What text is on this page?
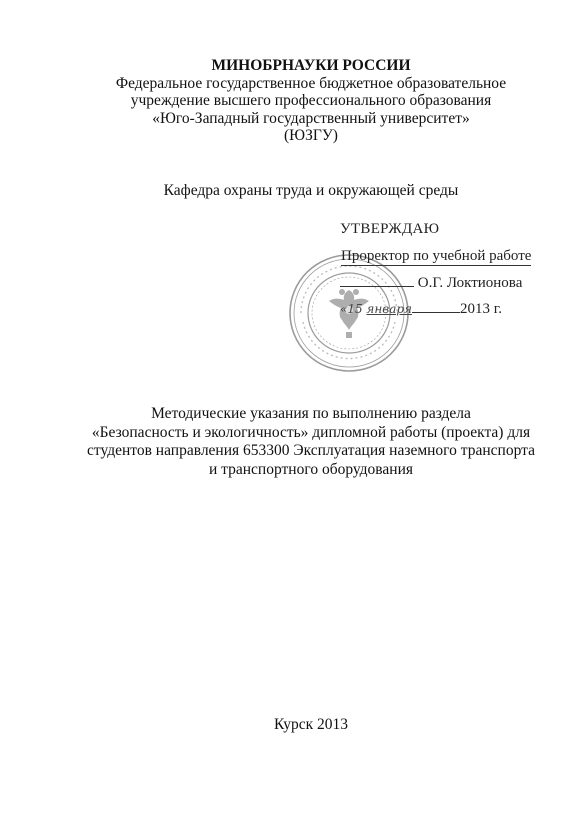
МИНОБРНАУКИ РОССИИ
Федеральное государственное бюджетное образовательное
учреждение высшего профессионального образования
«Юго-Западный государственный университет»
(ЮЗГУ)
Кафедра охраны труда и окружающей среды
УТВЕРЖДАЮ
Проректор по учебной работе
О.Г. Локтионова
«15 января	2013 г.
Методические указания по выполнению раздела
«Безопасность и экологичность» дипломной работы (проекта) для
студентов направления 653300 Эксплуатация наземного транспорта
и транспортного оборудования
Курск 2013
